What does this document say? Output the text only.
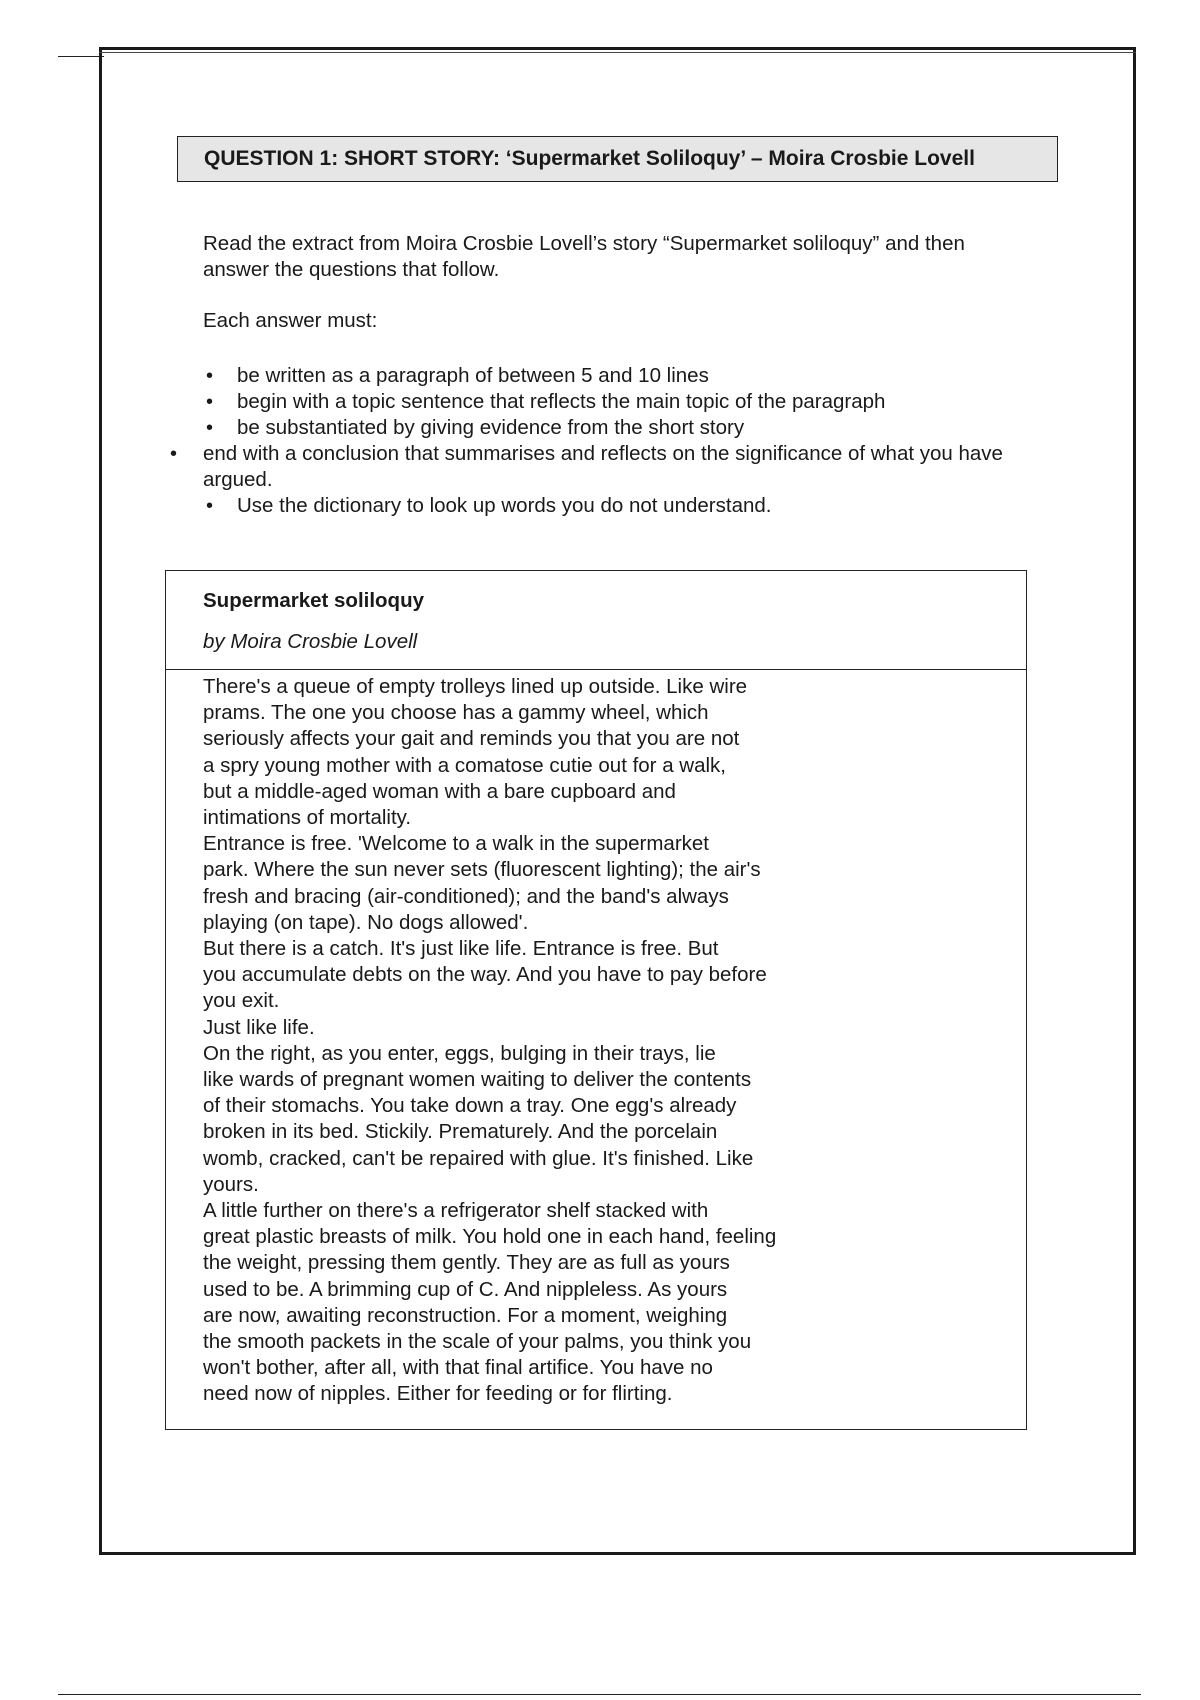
QUESTION 1: SHORT STORY: ‘Supermarket Soliloquy’ – Moira Crosbie Lovell
Read the extract from Moira Crosbie Lovell’s story “Supermarket soliloquy” and then answer the questions that follow.
Each answer must:
• be written as a paragraph of between 5 and 10 lines
• begin with a topic sentence that reflects the main topic of the paragraph
• be substantiated by giving evidence from the short story
• end with a conclusion that summarises and reflects on the significance of what you have argued.
• Use the dictionary to look up words you do not understand.
Supermarket soliloquy
by Moira Crosbie Lovell
There's a queue of empty trolleys lined up outside. Like wire
prams. The one you choose has a gammy wheel, which
seriously affects your gait and reminds you that you are not
a spry young mother with a comatose cutie out for a walk,
but a middle-aged woman with a bare cupboard and
intimations of mortality.
Entrance is free. 'Welcome to a walk in the supermarket
park. Where the sun never sets (fluorescent lighting); the air's
fresh and bracing (air-conditioned); and the band's always
playing (on tape). No dogs allowed'.
But there is a catch. It's just like life. Entrance is free. But
you accumulate debts on the way. And you have to pay before
you exit.
Just like life.
On the right, as you enter, eggs, bulging in their trays, lie
like wards of pregnant women waiting to deliver the contents
of their stomachs. You take down a tray. One egg's already
broken in its bed. Stickily. Prematurely. And the porcelain
womb, cracked, can't be repaired with glue. It's finished. Like
yours.
A little further on there's a refrigerator shelf stacked with
great plastic breasts of milk. You hold one in each hand, feeling
the weight, pressing them gently. They are as full as yours
used to be. A brimming cup of C. And nippleless. As yours
are now, awaiting reconstruction. For a moment, weighing
the smooth packets in the scale of your palms, you think you
won't bother, after all, with that final artifice. You have no
need now of nipples. Either for feeding or for flirting.
